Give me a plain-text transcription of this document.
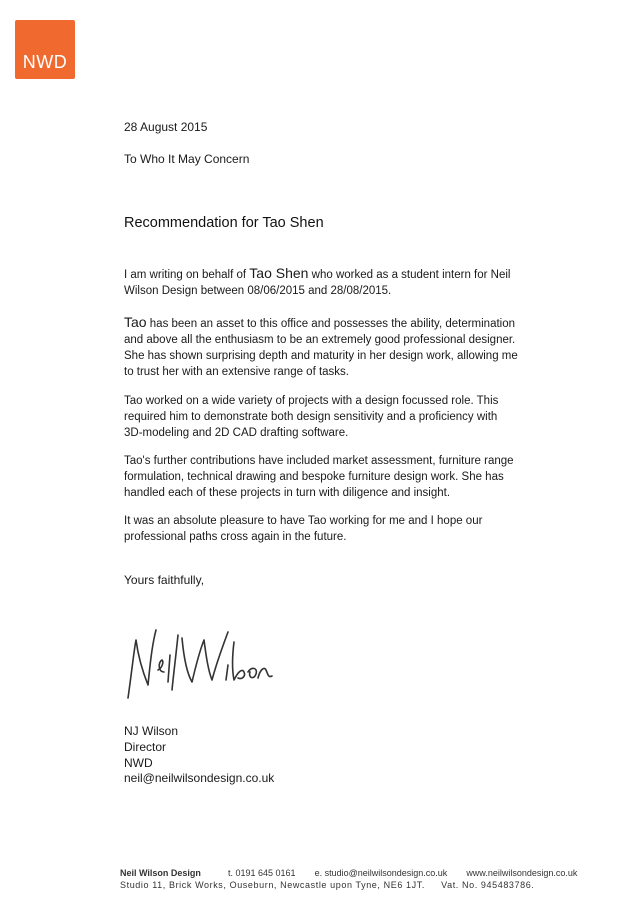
NWD
28 August 2015
To Who It May Concern
Recommendation for Tao Shen
I am writing on behalf of Tao Shen who worked as a student intern for Neil
Wilson Design between 08/06/2015 and 28/08/2015.
Tao has been an asset to this office and possesses the ability, determination
and above all the enthusiasm to be an extremely good professional designer.
She has shown surprising depth and maturity in her design work, allowing me
to trust her with an extensive range of tasks.
Tao worked on a wide variety of projects with a design focussed role. This
required him to demonstrate both design sensitivity and a proficiency with
3D-modeling and 2D CAD drafting software.
Tao's further contributions have included market assessment, furniture range
formulation, technical drawing and bespoke furniture design work. She has
handled each of these projects in turn with diligence and insight.
It was an absolute pleasure to have Tao working for me and I hope our
professional paths cross again in the future.
Yours faithfully,
NJ Wilson
Director
NWD
neil@neilwilsondesign.co.uk
Neil Wilson Design	t. 0191 645 0161 e. studio@neilwilsondesign.co.uk www.neilwilsondesign.co.uk
Studio 11, Brick Works, Ouseburn, Newcastle upon Tyne, NE6 1JT. Vat. No. 945483786.
